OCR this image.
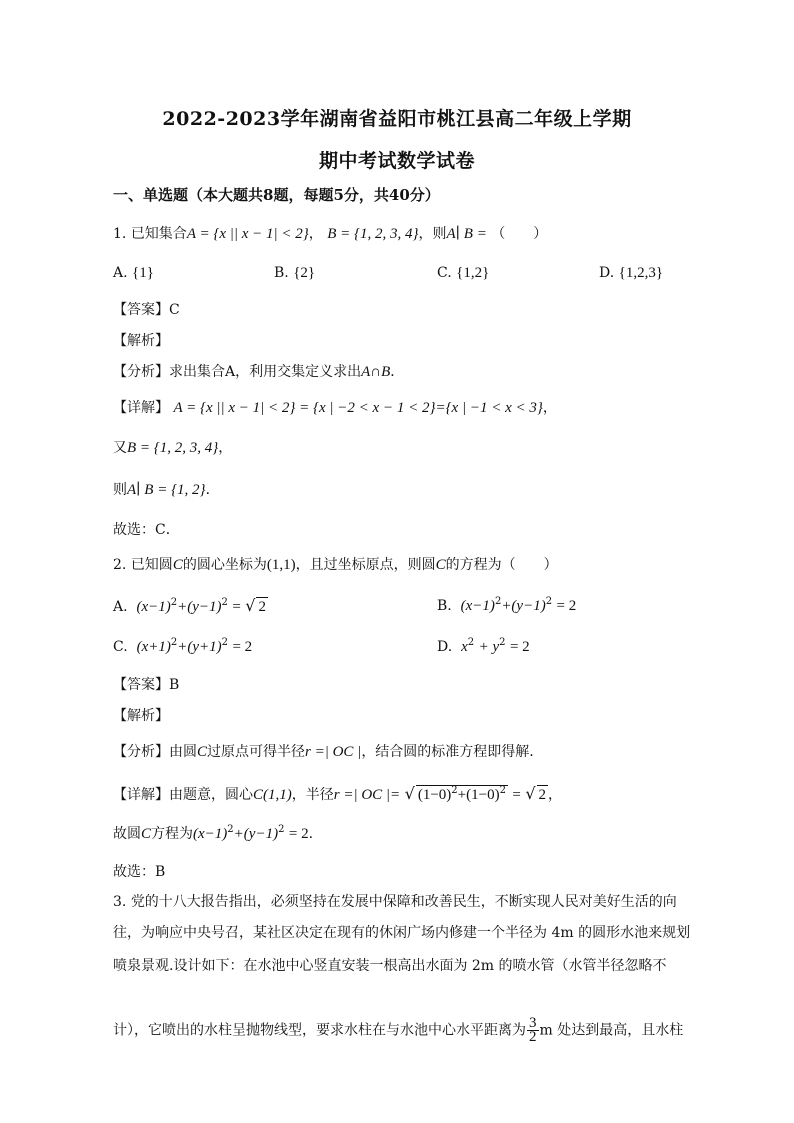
2022-2023学年湖南省益阳市桃江县高二年级上学期
期中考试数学试卷
一、单选题（本大题共8题，每题5分，共40分）
1. 已知集合A = {x || x − 1| < 2}， B = {1, 2, 3, 4}，则A∣ B = （　　）
A. {1}	B. {2}	C. {1,2}	D. {1,2,3}
【答案】C
【解析】
【分析】求出集合A，利用交集定义求出A∩B．
【详解】 A = {x || x − 1| < 2} = {x | −2 < x − 1 < 2}={x | −1 < x < 3}，
又B = {1, 2, 3, 4}，
则A∣ B = {1, 2}．
故选：C．
2. 已知圆C的圆心坐标为(1,1)，且过坐标原点，则圆C的方程为（　　）
A. $(x-1)^2+(y-1)^2$ = √ 2	B. $(x-1)^2+(y-1)^2 = 2$
C. $(x+1)^2+(y+1)^2 = 2$	D. $x^2 + y^2 = 2$
【答案】B
【解析】
【分析】由圆C过原点可得半径r =| OC |，结合圆的标准方程即得解.
【详解】由题意，圆心C(1,1)，半径r =| OC |= √ $(1-0)^2+(1-0)^2$ = √ 2 ，
故圆C方程为$(x-1)^2+(y-1)^2 = 2$.
故选：B
3. 党的十八大报告指出，必须坚持在发展中保障和改善民生，不断实现人民对美好生活的向
往，为响应中央号召，某社区决定在现有的休闲广场内修建一个半径为 4m 的圆形水池来规划
喷泉景观.设计如下：在水池中心竖直安装一根高出水面为 2m 的喷水管（水管半径忽略不
计），它喷出的水柱呈抛物线型，要求水柱在与水池中心水平距离为 $\frac{3}{2}$ m 处达到最高，且水柱
